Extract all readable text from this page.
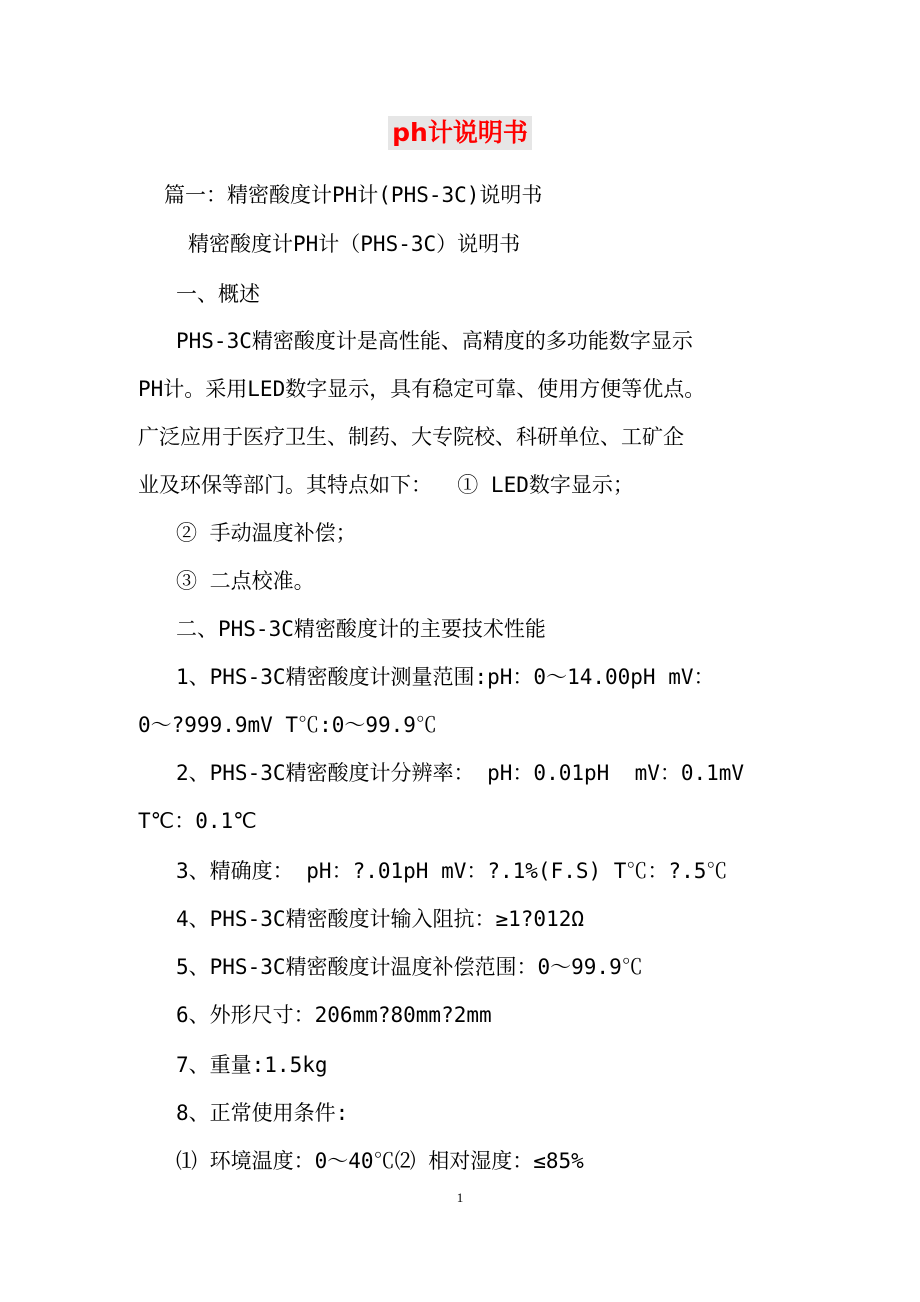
ph计说明书
篇一：精密酸度计PH计(PHS-3C)说明书
精密酸度计PH计（PHS-3C）说明书
一、概述
PHS-3C精密酸度计是高性能、高精度的多功能数字显示
PH计。采用LED数字显示，具有稳定可靠、使用方便等优点。
广泛应用于医疗卫生、制药、大专院校、科研单位、工矿企
业及环保等部门。其特点如下：  ① LED数字显示；
② 手动温度补偿；
③ 二点校准。
二、PHS-3C精密酸度计的主要技术性能
1、PHS-3C精密酸度计测量范围:pH：0～14.00pH mV：
0～?999.9mV T℃:0～99.9℃
2、PHS-3C精密酸度计分辨率： pH：0.01pH  mV：0.1mV
T℃：0.1℃
3、精确度： pH：?.01pH mV：?.1%(F.S) T℃：?.5℃
4、PHS-3C精密酸度计输入阻抗：≥1?012Ω
5、PHS-3C精密酸度计温度补偿范围：0～99.9℃
6、外形尺寸：206mm?80mm?2mm
7、重量:1.5kg
8、正常使用条件:
⑴ 环境温度：0～40℃⑵ 相对湿度：≤85%
1
